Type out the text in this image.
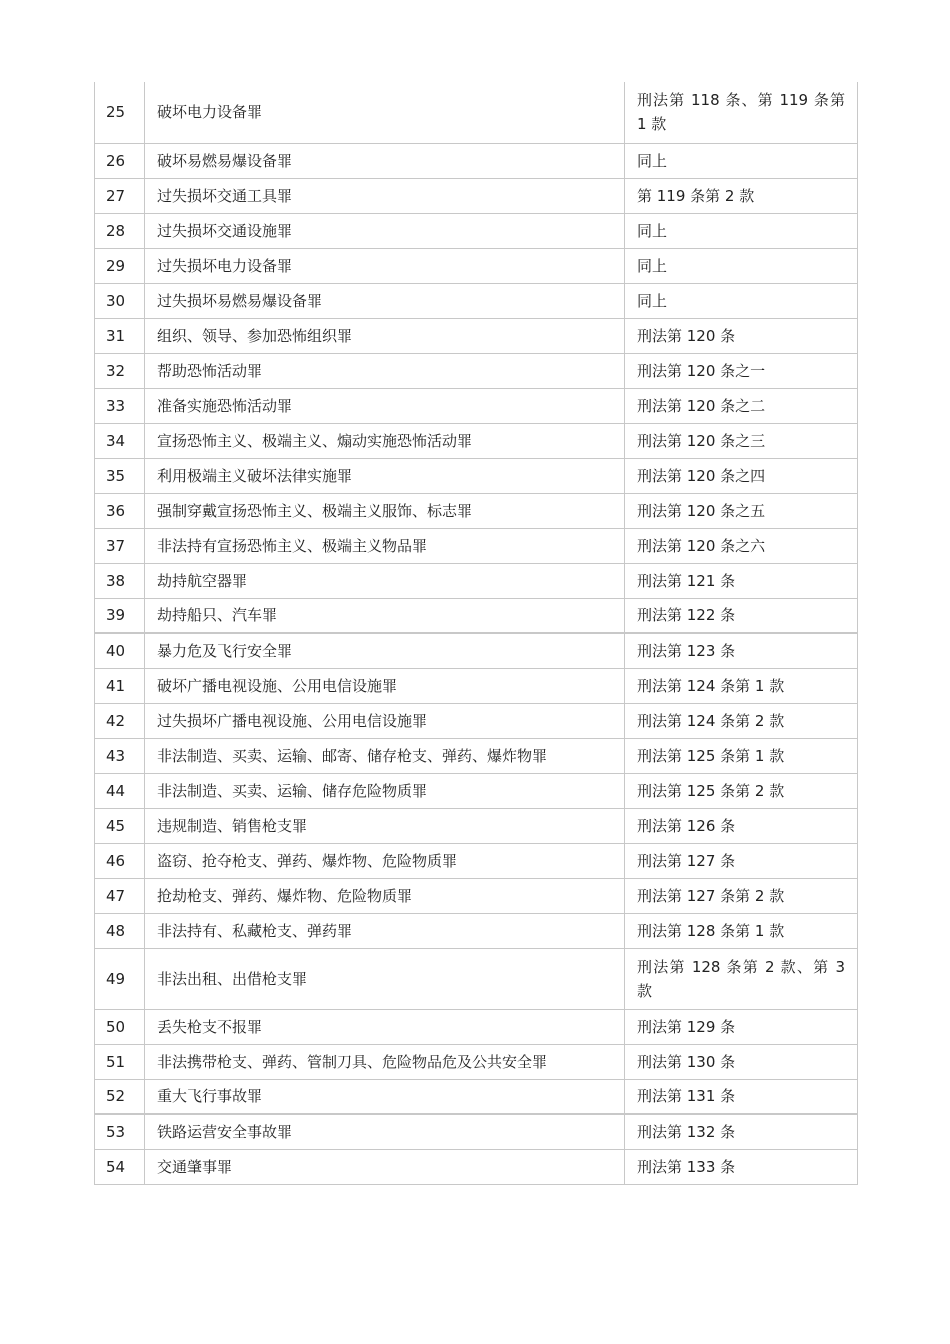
25	破坏电力设备罪	刑法第 118 条、第 119 条第 1 款
26	破坏易燃易爆设备罪	同上
27	过失损坏交通工具罪	第 119 条第 2 款
28	过失损坏交通设施罪	同上
29	过失损坏电力设备罪	同上
30	过失损坏易燃易爆设备罪	同上
31	组织、领导、参加恐怖组织罪	刑法第 120 条
32	帮助恐怖活动罪	刑法第 120 条之一
33	准备实施恐怖活动罪	刑法第 120 条之二
34	宣扬恐怖主义、极端主义、煽动实施恐怖活动罪	刑法第 120 条之三
35	利用极端主义破坏法律实施罪	刑法第 120 条之四
36	强制穿戴宣扬恐怖主义、极端主义服饰、标志罪	刑法第 120 条之五
37	非法持有宣扬恐怖主义、极端主义物品罪	刑法第 120 条之六
38	劫持航空器罪	刑法第 121 条
39	劫持船只、汽车罪	刑法第 122 条
40	暴力危及飞行安全罪	刑法第 123 条
41	破坏广播电视设施、公用电信设施罪	刑法第 124 条第 1 款
42	过失损坏广播电视设施、公用电信设施罪	刑法第 124 条第 2 款
43	非法制造、买卖、运输、邮寄、储存枪支、弹药、爆炸物罪	刑法第 125 条第 1 款
44	非法制造、买卖、运输、储存危险物质罪	刑法第 125 条第 2 款
45	违规制造、销售枪支罪	刑法第 126 条
46	盗窃、抢夺枪支、弹药、爆炸物、危险物质罪	刑法第 127 条
47	抢劫枪支、弹药、爆炸物、危险物质罪	刑法第 127 条第 2 款
48	非法持有、私藏枪支、弹药罪	刑法第 128 条第 1 款
49	非法出租、出借枪支罪	刑法第 128 条第 2 款、第 3 款
50	丢失枪支不报罪	刑法第 129 条
51	非法携带枪支、弹药、管制刀具、危险物品危及公共安全罪	刑法第 130 条
52	重大飞行事故罪	刑法第 131 条
53	铁路运营安全事故罪	刑法第 132 条
54	交通肇事罪	刑法第 133 条
